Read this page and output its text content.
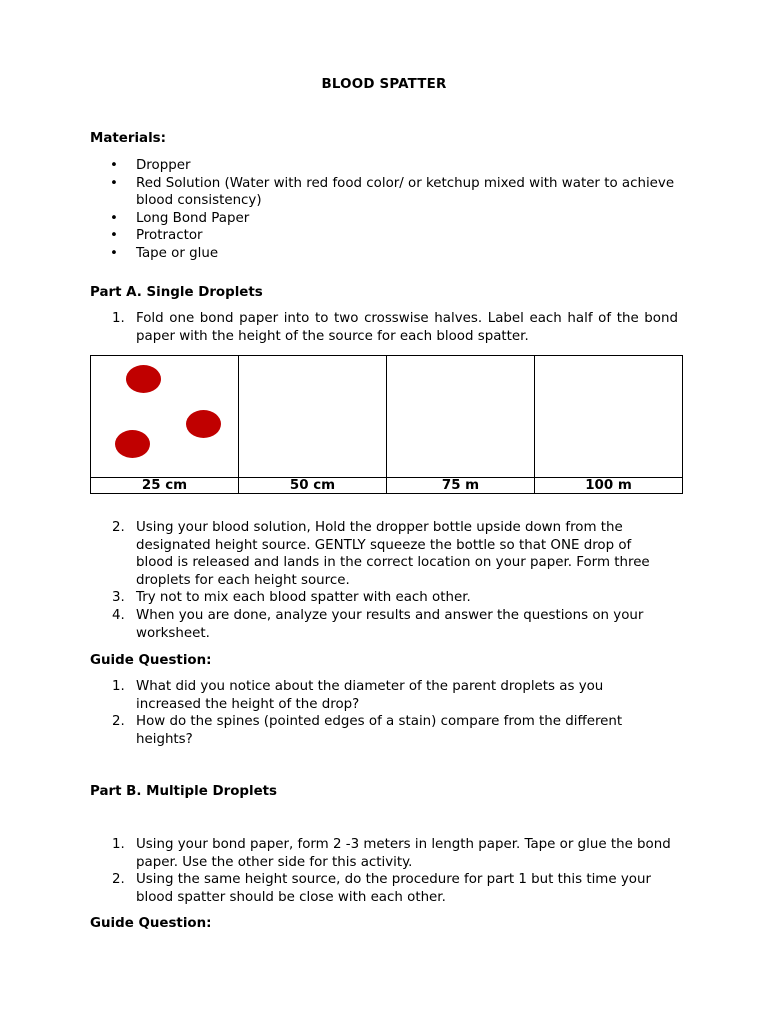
BLOOD SPATTER
Materials:
• Dropper
• Red Solution (Water with red food color/ or ketchup mixed with water to achieve blood consistency)
• Long Bond Paper
• Protractor
• Tape or glue
Part A. Single Droplets
1. Fold one bond paper into to two crosswise halves. Label each half of the bond paper with the height of the source for each blood spatter.

25 cm	50 cm	75 m	100 m
2. Using your blood solution, Hold the dropper bottle upside down from the designated height source. GENTLY squeeze the bottle so that ONE drop of blood is released and lands in the correct location on your paper. Form three droplets for each height source.
3. Try not to mix each blood spatter with each other.
4. When you are done, analyze your results and answer the questions on your worksheet.
Guide Question:
1. What did you notice about the diameter of the parent droplets as you increased the height of the drop?
2. How do the spines (pointed edges of a stain) compare from the different heights?
Part B. Multiple Droplets
1. Using your bond paper, form 2 -3 meters in length paper. Tape or glue the bond paper. Use the other side for this activity.
2. Using the same height source, do the procedure for part 1 but this time your blood spatter should be close with each other.
Guide Question:
